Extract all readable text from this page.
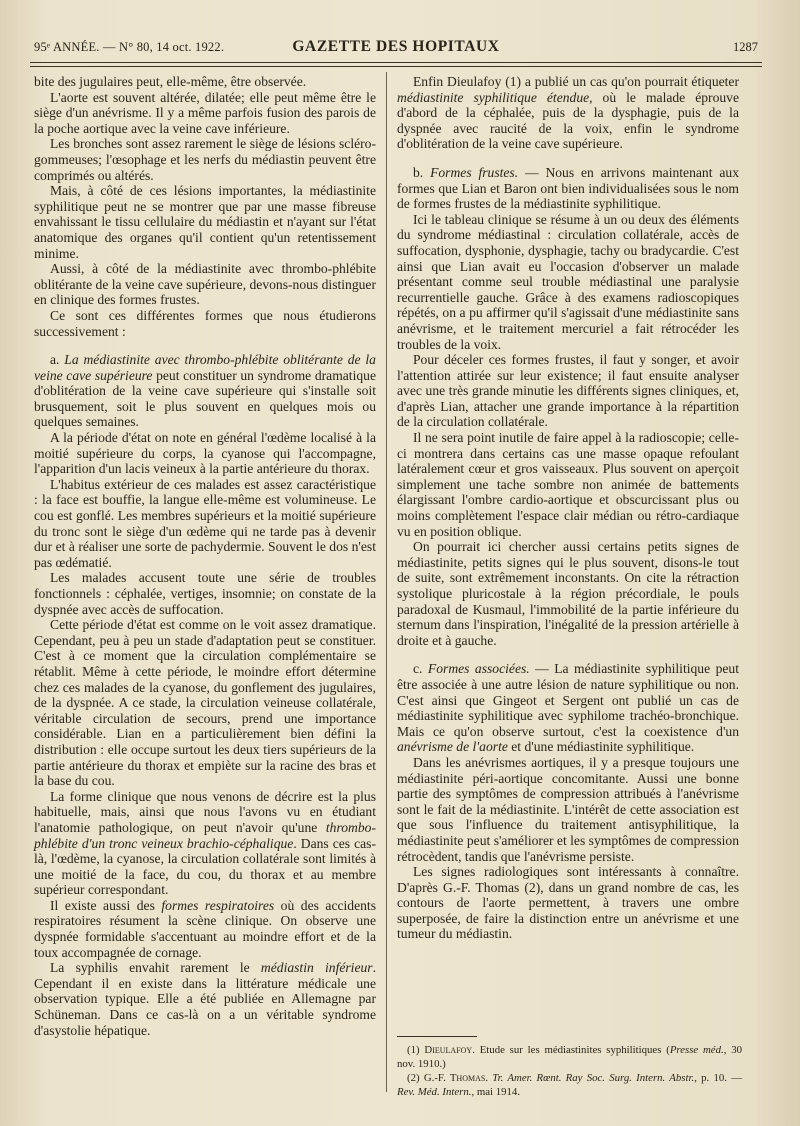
95ᵉ ANNÉE. — N° 80, 14 oct. 1922.	GAZETTE DES HOPITAUX	1287

bite des jugulaires peut, elle-même, être observée.

L'aorte est souvent altérée, dilatée; elle peut même être le siège d'un anévrisme. Il y a même parfois fusion des parois de la poche aortique avec la veine cave inférieure.

Les bronches sont assez rarement le siège de lésions scléro-gommeuses; l'œsophage et les nerfs du médiastin peuvent être comprimés ou altérés.

Mais, à côté de ces lésions importantes, la médiastinite syphilitique peut ne se montrer que par une masse fibreuse envahissant le tissu cellulaire du médiastin et n'ayant sur l'état anatomique des organes qu'il contient qu'un retentissement minime.

Aussi, à côté de la médiastinite avec thrombo-phlébite oblitérante de la veine cave supérieure, devons-nous distinguer en clinique des formes frustes.

Ce sont ces différentes formes que nous étudierons successivement :

a. La médiastinite avec thrombo-phlébite oblitérante de la veine cave supérieure peut constituer un syndrome dramatique d'oblitération de la veine cave supérieure qui s'installe soit brusquement, soit le plus souvent en quelques mois ou quelques semaines.

A la période d'état on note en général l'œdème localisé à la moitié supérieure du corps, la cyanose qui l'accompagne, l'apparition d'un lacis veineux à la partie antérieure du thorax.

L'habitus extérieur de ces malades est assez caractéristique : la face est bouffie, la langue elle-même est volumineuse. Le cou est gonflé. Les membres supérieurs et la moitié supérieure du tronc sont le siège d'un œdème qui ne tarde pas à devenir dur et à réaliser une sorte de pachydermie. Souvent le dos n'est pas œdématié.

Les malades accusent toute une série de troubles fonctionnels : céphalée, vertiges, insomnie; on constate de la dyspnée avec accès de suffocation.

Cette période d'état est comme on le voit assez dramatique. Cependant, peu à peu un stade d'adaptation peut se constituer. C'est à ce moment que la circulation complémentaire se rétablit. Même à cette période, le moindre effort détermine chez ces malades de la cyanose, du gonflement des jugulaires, de la dyspnée. A ce stade, la circulation veineuse collatérale, véritable circulation de secours, prend une importance considérable. Lian en a particulièrement bien défini la distribution : elle occupe surtout les deux tiers supérieurs de la partie antérieure du thorax et empiète sur la racine des bras et la base du cou.

La forme clinique que nous venons de décrire est la plus habituelle, mais, ainsi que nous l'avons vu en étudiant l'anatomie pathologique, on peut n'avoir qu'une thrombo-phlébite d'un tronc veineux brachio-céphalique. Dans ces cas-là, l'œdème, la cyanose, la circulation collatérale sont limités à une moitié de la face, du cou, du thorax et au membre supérieur correspondant.

Il existe aussi des formes respiratoires où des accidents respiratoires résument la scène clinique. On observe une dyspnée formidable s'accentuant au moindre effort et de la toux accompagnée de cornage.

La syphilis envahit rarement le médiastin inférieur. Cependant il en existe dans la littérature médicale une observation typique. Elle a été publiée en Allemagne par Schüneman. Dans ce cas-là on a un véritable syndrome d'asystolie hépatique.

Enfin Dieulafoy (1) a publié un cas qu'on pourrait étiqueter médiastinite syphilitique étendue, où le malade éprouve d'abord de la céphalée, puis de la dysphagie, puis de la dyspnée avec raucité de la voix, enfin le syndrome d'oblitération de la veine cave supérieure.

b. Formes frustes. — Nous en arrivons maintenant aux formes que Lian et Baron ont bien individualisées sous le nom de formes frustes de la médiastinite syphilitique.

Ici le tableau clinique se résume à un ou deux des éléments du syndrome médiastinal : circulation collatérale, accès de suffocation, dysphonie, dysphagie, tachy ou bradycardie. C'est ainsi que Lian avait eu l'occasion d'observer un malade présentant comme seul trouble médiastinal une paralysie recurrentielle gauche. Grâce à des examens radioscopiques répétés, on a pu affirmer qu'il s'agissait d'une médiastinite sans anévrisme, et le traitement mercuriel a fait rétrocéder les troubles de la voix.

Pour déceler ces formes frustes, il faut y songer, et avoir l'attention attirée sur leur existence; il faut ensuite analyser avec une très grande minutie les différents signes cliniques, et, d'après Lian, attacher une grande importance à la répartition de la circulation collatérale.

Il ne sera point inutile de faire appel à la radioscopie; celle-ci montrera dans certains cas une masse opaque refoulant latéralement cœur et gros vaisseaux. Plus souvent on aperçoit simplement une tache sombre non animée de battements élargissant l'ombre cardio-aortique et obscurcissant plus ou moins complètement l'espace clair médian ou rétro-cardiaque vu en position oblique.

On pourrait ici chercher aussi certains petits signes de médiastinite, petits signes qui le plus souvent, disons-le tout de suite, sont extrêmement inconstants. On cite la rétraction systolique pluricostale à la région précordiale, le pouls paradoxal de Kusmaul, l'immobilité de la partie inférieure du sternum dans l'inspiration, l'inégalité de la pression artérielle à droite et à gauche.

c. Formes associées. — La médiastinite syphilitique peut être associée à une autre lésion de nature syphilitique ou non. C'est ainsi que Gingeot et Sergent ont publié un cas de médiastinite syphilitique avec syphilome trachéo-bronchique. Mais ce qu'on observe surtout, c'est la coexistence d'un anévrisme de l'aorte et d'une médiastinite syphilitique.

Dans les anévrismes aortiques, il y a presque toujours une médiastinite péri-aortique concomitante. Aussi une bonne partie des symptômes de compression attribués à l'anévrisme sont le fait de la médiastinite. L'intérêt de cette association est que sous l'influence du traitement antisyphilitique, la médiastinite peut s'améliorer et les symptômes de compression rétrocèdent, tandis que l'anévrisme persiste.

Les signes radiologiques sont intéressants à connaître. D'après G.-F. Thomas (2), dans un grand nombre de cas, les contours de l'aorte permettent, à travers une ombre superposée, de faire la distinction entre un anévrisme et une tumeur du médiastin.

(1) Dieulafoy. Etude sur les médiastinites syphilitiques (Presse méd., 30 nov. 1910.)

(2) G.-F. Thomas. Tr. Amer. Rœnt. Ray Soc. Surg. Intern. Abstr., p. 10. — Rev. Méd. Intern., mai 1914.
